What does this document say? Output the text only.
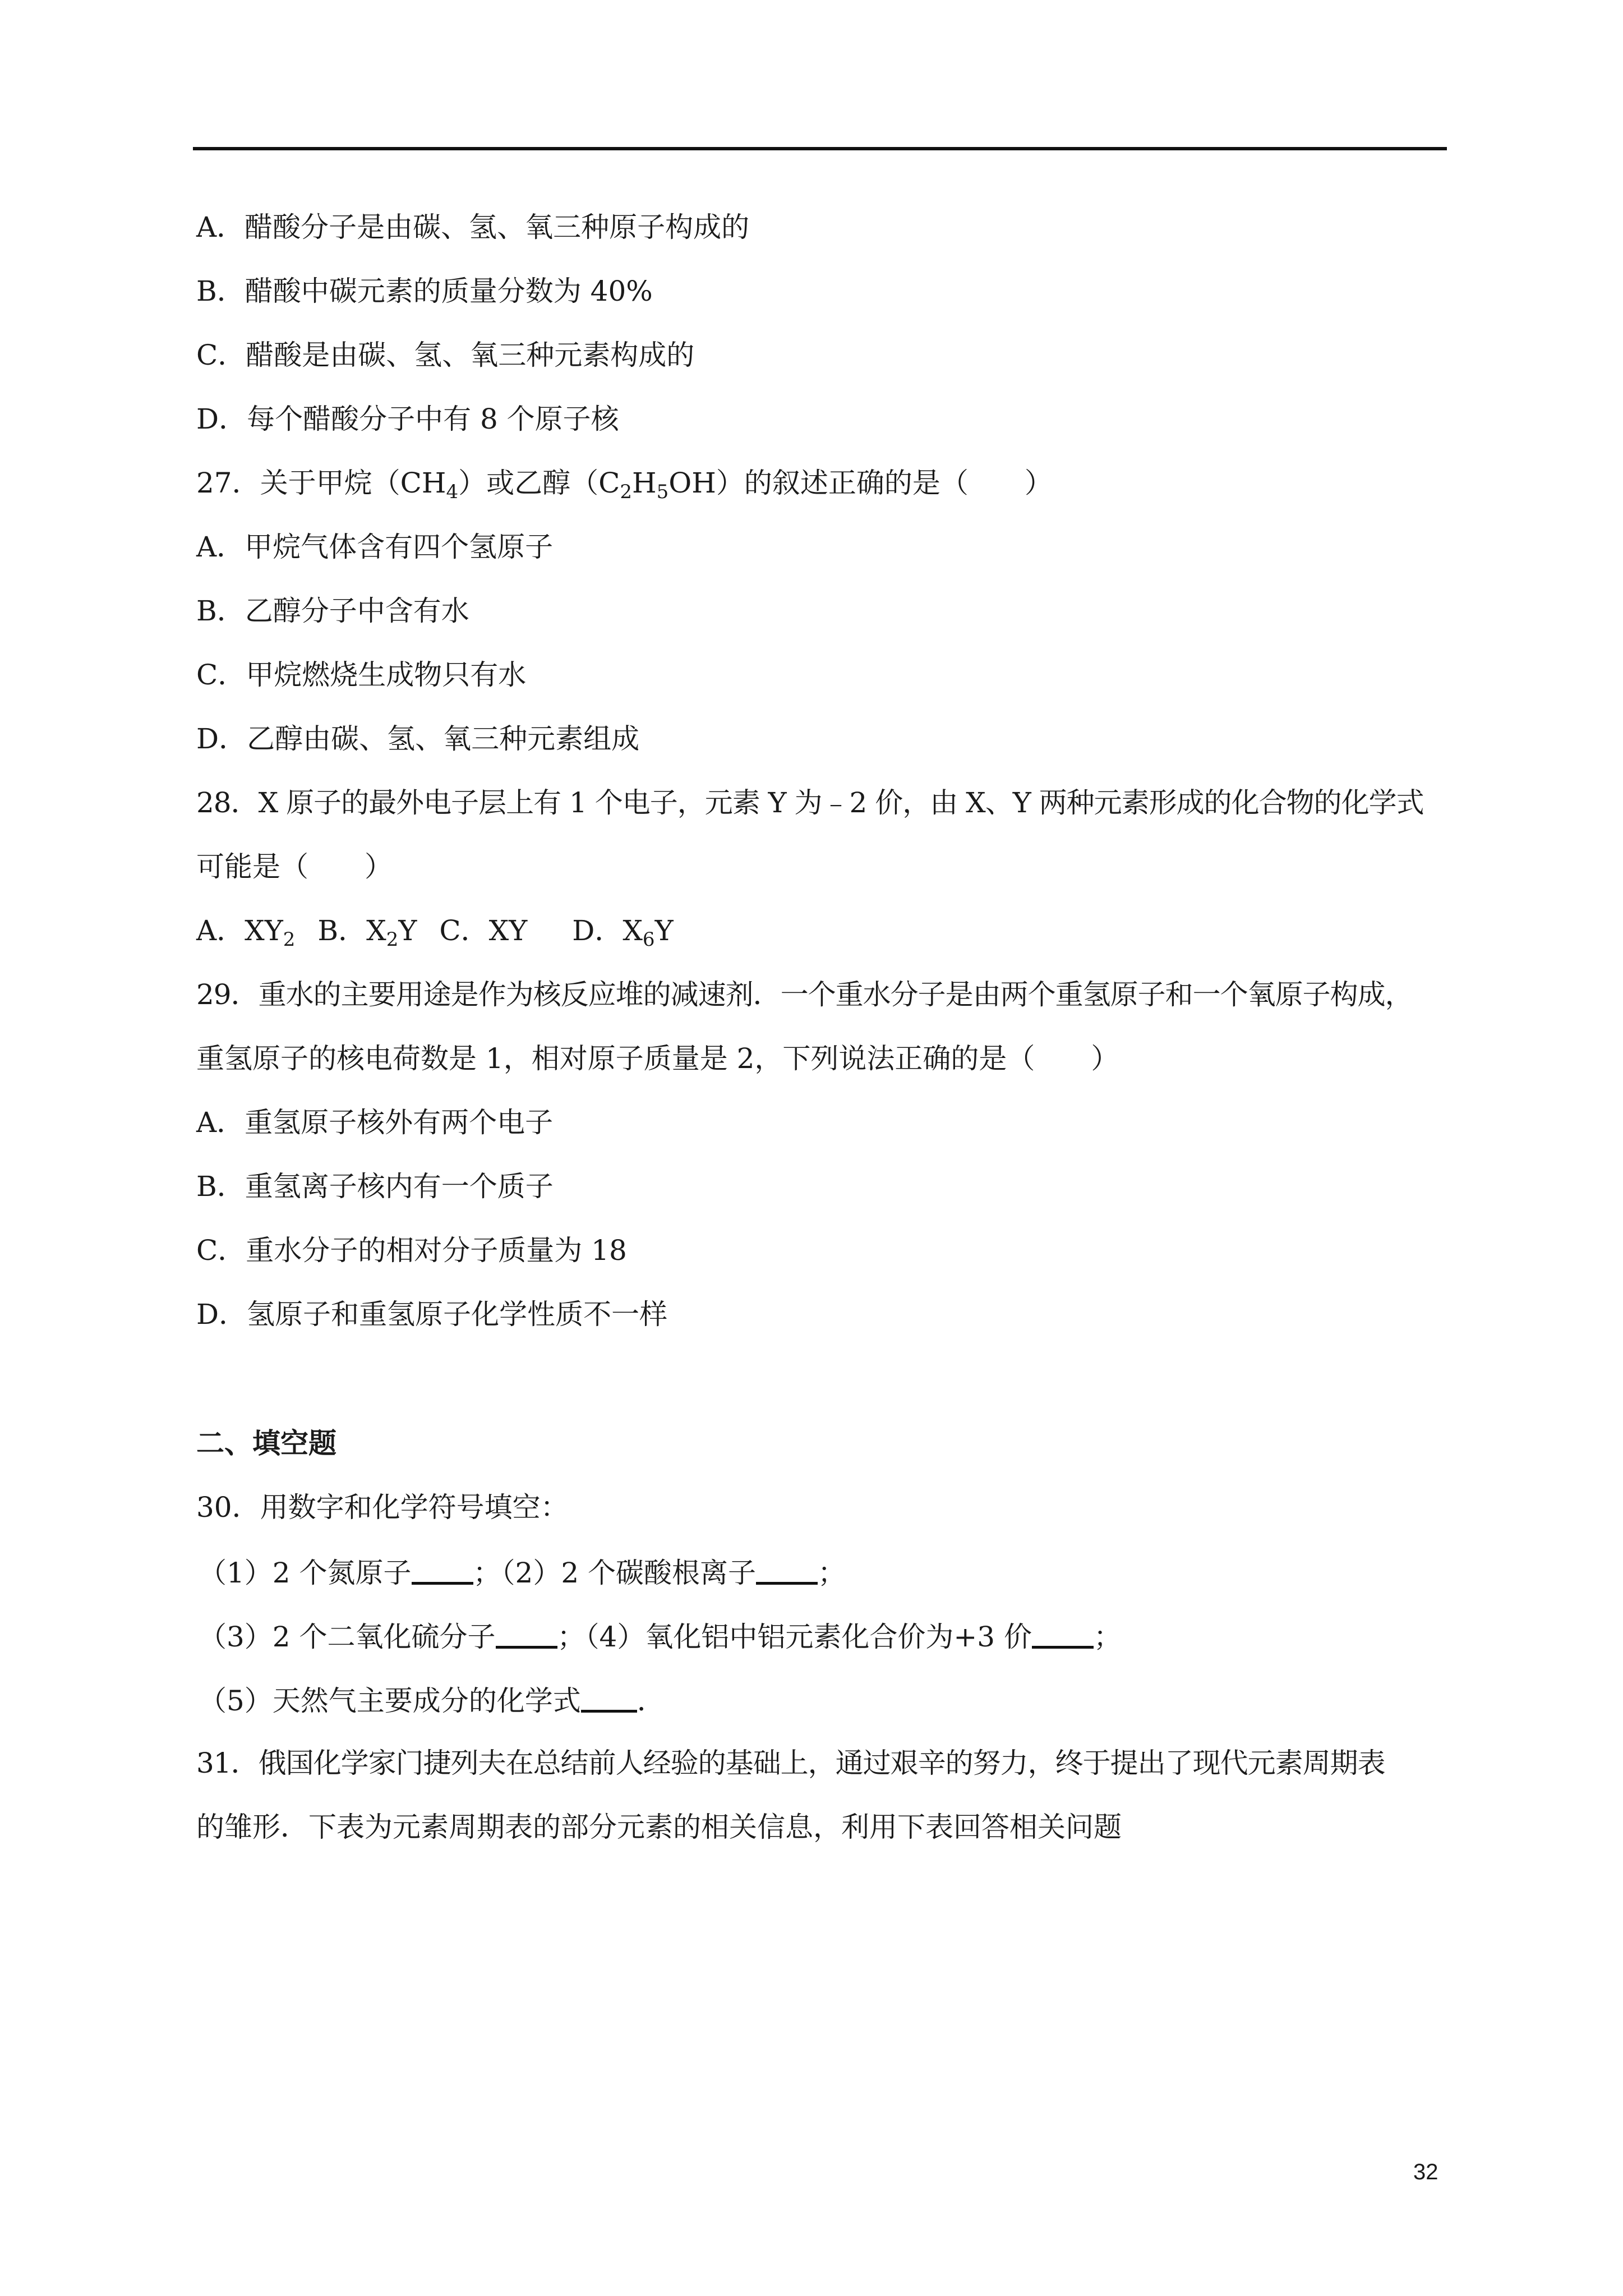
A．醋酸分子是由碳、氢、氧三种原子构成的
B．醋酸中碳元素的质量分数为 40%
C．醋酸是由碳、氢、氧三种元素构成的
D．每个醋酸分子中有 8 个原子核
27．关于甲烷$(CH_4)$或乙醇$(C_2H_5OH)$的叙述正确的是（　　）
A．甲烷气体含有四个氢原子
B．乙醇分子中含有水
C．甲烷燃烧生成物只有水
D．乙醇由碳、氢、氧三种元素组成
28．X 原子的最外电子层上有 1 个电子，元素 Y 为﹣2 价，由 X、Y 两种元素形成的化合物的化学式
可能是（　　）
A．$XY_2$ B．$X_2Y$ C．XY D．$X_6Y$
29．重水的主要用途是作为核反应堆的减速剂．一个重水分子是由两个重氢原子和一个氧原子构成，
重氢原子的核电荷数是 1，相对原子质量是 2，下列说法正确的是（　　）
A．重氢原子核外有两个电子
B．重氢离子核内有一个质子
C．重水分子的相对分子质量为 18
D．氢原子和重氢原子化学性质不一样
二、填空题
30．用数字和化学符号填空：
（1）2 个氮原子 ；（2）2 个碳酸根离子 ；
（3）2 个二氧化硫分子 ；（4）氧化铝中铝元素化合价为+3 价 ；
（5）天然气主要成分的化学式 ．
31．俄国化学家门捷列夫在总结前人经验的基础上，通过艰辛的努力，终于提出了现代元素周期表
的雏形．下表为元素周期表的部分元素的相关信息，利用下表回答相关问题
32
